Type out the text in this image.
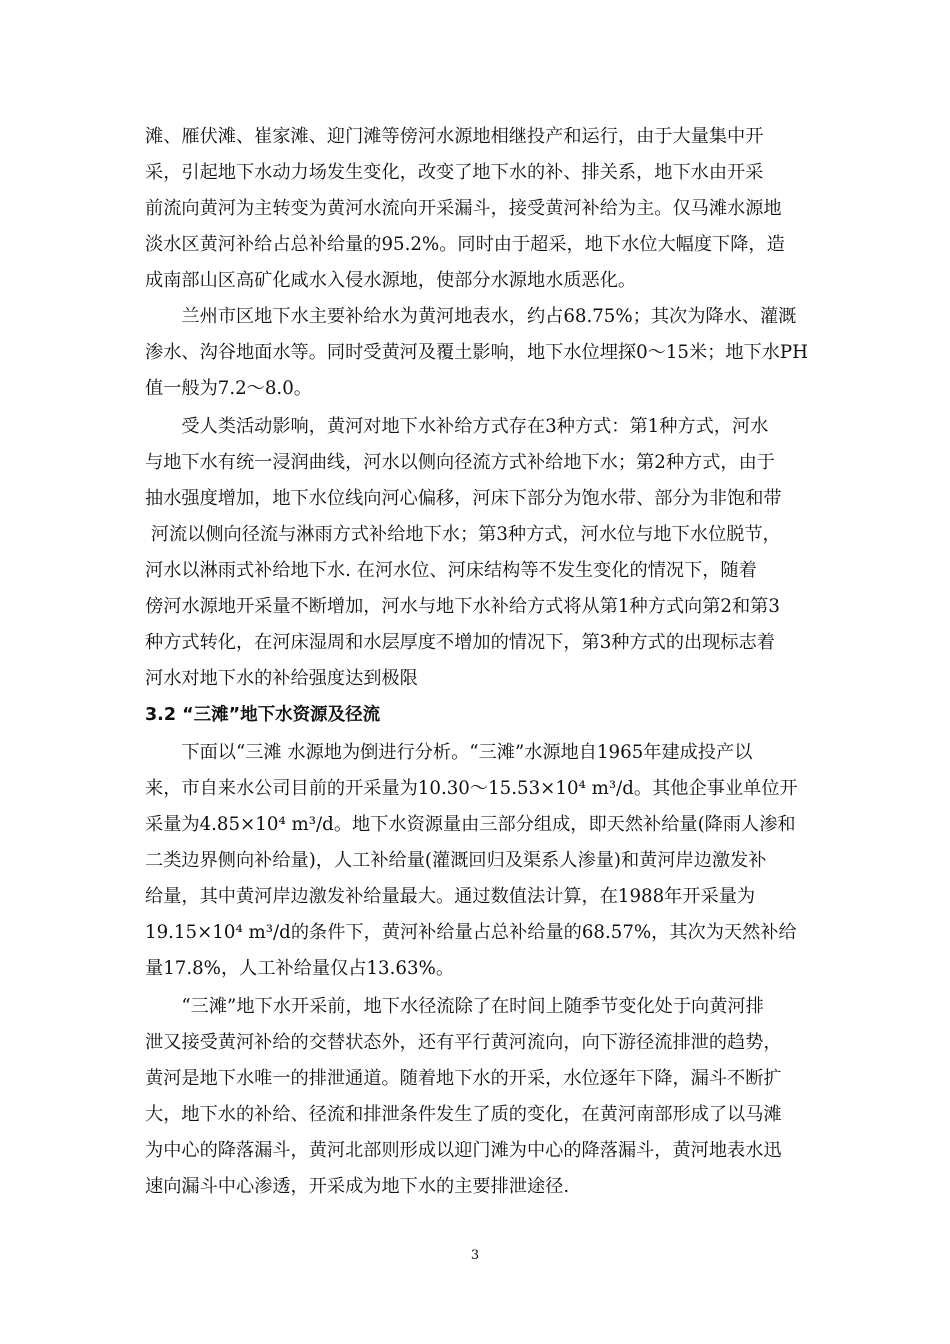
滩、雁伏滩、崔家滩、迎门滩等傍河水源地相继投产和运行，由于大量集中开
采，引起地下水动力场发生变化，改变了地下水的补、排关系，地下水由开采
前流向黄河为主转变为黄河水流向开采漏斗，接受黄河补给为主。仅马滩水源地
淡水区黄河补给占总补给量的95.2%。同时由于超采，地下水位大幅度下降，造
成南部山区高矿化咸水入侵水源地，使部分水源地水质恶化。
　　兰州市区地下水主要补给水为黄河地表水，约占68.75%；其次为降水、灌溉
渗水、沟谷地面水等。同时受黄河及覆土影响，地下水位埋探0～15米；地下水PH
值一般为7.2～8.0。
　　受人类活动影响，黄河对地下水补给方式存在3种方式：第1种方式，河水
与地下水有统一浸润曲线，河水以侧向径流方式补给地下水；第2种方式，由于
抽水强度增加，地下水位线向河心偏移，河床下部分为饱水带、部分为非饱和带
河流以侧向径流与淋雨方式补给地下水；第3种方式，河水位与地下水位脱节，
河水以淋雨式补给地下水. 在河水位、河床结构等不发生变化的情况下，随着
傍河水源地开采量不断增加，河水与地下水补给方式将从第1种方式向第2和第3
种方式转化，在河床湿周和水层厚度不增加的情况下，第3种方式的出现标志着
河水对地下水的补给强度达到极限
3.2 “三滩”地下水资源及径流
　　下面以“三滩 水源地为倒进行分析。“三滩”水源地自1965年建成投产以
来，市自来水公司目前的开采量为10.30～15.53×10⁴ m³/d。其他企事业单位开
采量为4.85×10⁴ m³/d。地下水资源量由三部分组成，即天然补给量(降雨人渗和
二类边界侧向补给量)，人工补给量(灌溉回归及渠系人渗量)和黄河岸边激发补
给量，其中黄河岸边激发补给量最大。通过数值法计算，在1988年开采量为
19.15×10⁴ m³/d的条件下，黄河补给量占总补给量的68.57%，其次为天然补给
量17.8%，人工补给量仅占13.63%。
　　“三滩”地下水开采前，地下水径流除了在时间上随季节变化处于向黄河排
泄又接受黄河补给的交替状态外，还有平行黄河流向，向下游径流排泄的趋势，
黄河是地下水唯一的排泄通道。随着地下水的开采，水位逐年下降，漏斗不断扩
大，地下水的补给、径流和排泄条件发生了质的变化，在黄河南部形成了以马滩
为中心的降落漏斗，黄河北部则形成以迎门滩为中心的降落漏斗，黄河地表水迅
速向漏斗中心渗透，开采成为地下水的主要排泄途径.
3
